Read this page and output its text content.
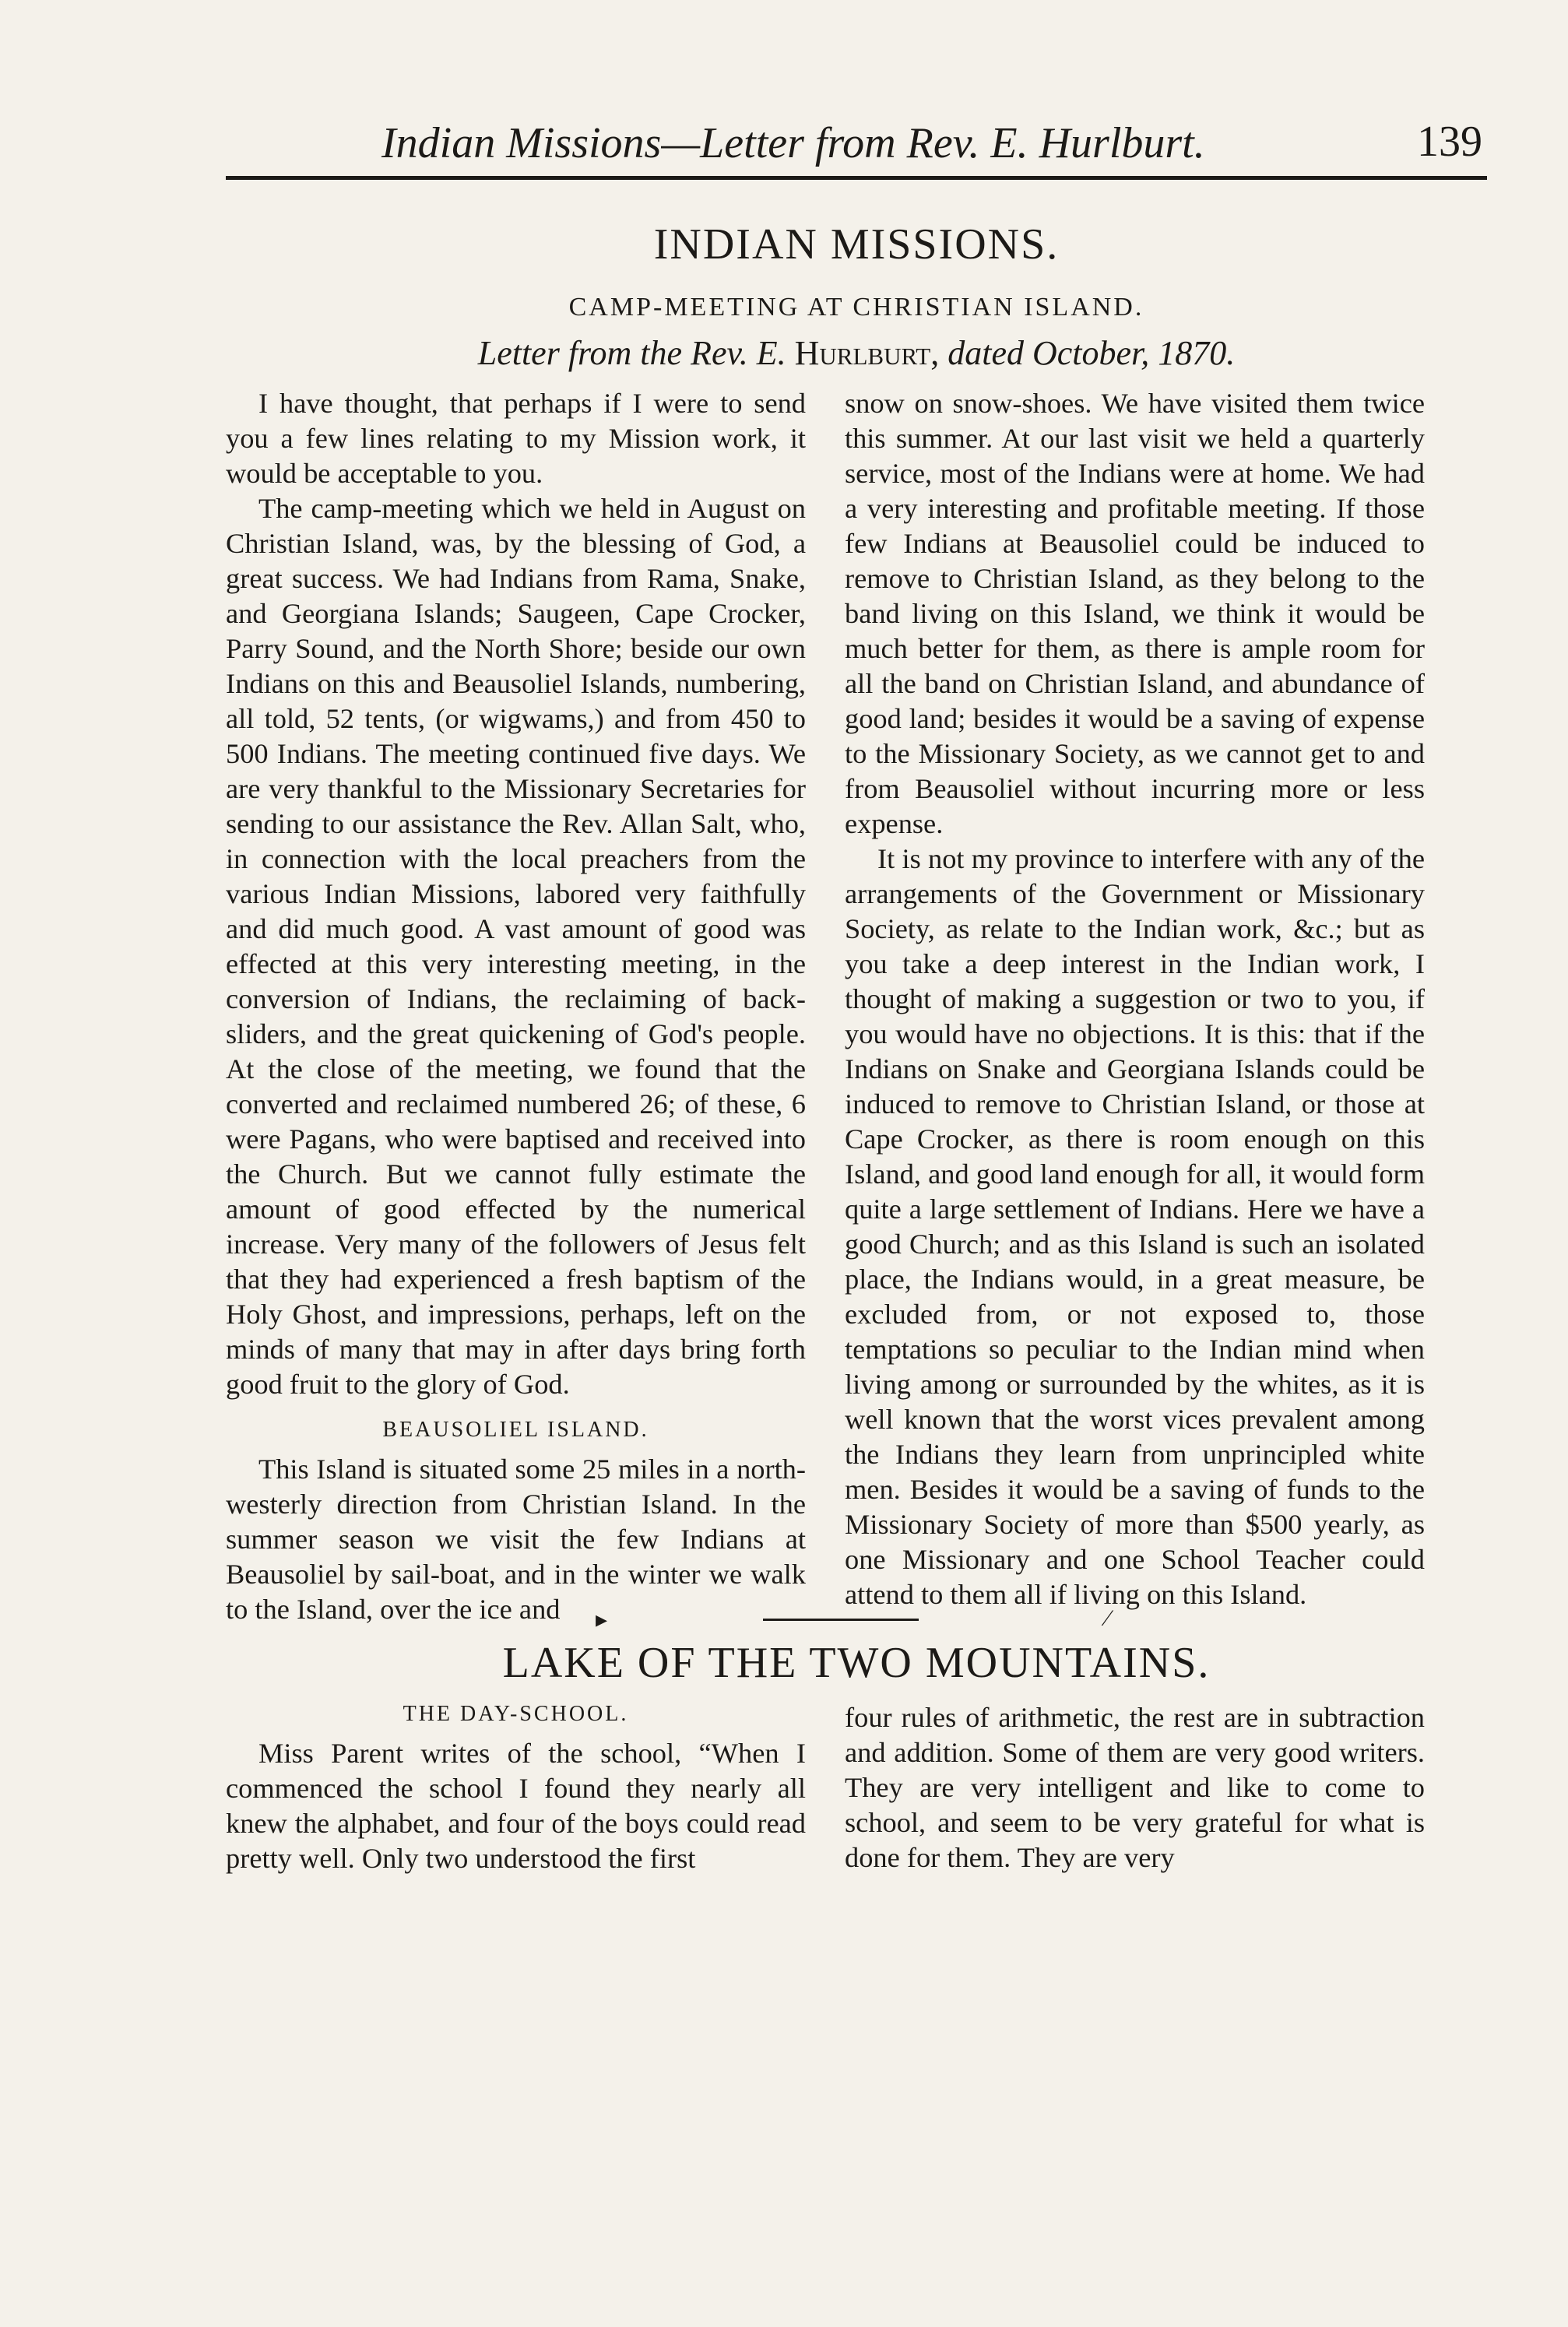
Indian Missions—Letter from Rev. E. Hurlburt.	139
INDIAN MISSIONS.
CAMP-MEETING AT CHRISTIAN ISLAND.
Letter from the Rev. E. Hurlburt, dated October, 1870.

I have thought, that perhaps if I were to send you a few lines relating to my Mission work, it would be acceptable to you.

The camp-meeting which we held in August on Christian Island, was, by the blessing of God, a great success. We had Indians from Rama, Snake, and Georgiana Islands; Saugeen, Cape Crocker, Parry Sound, and the North Shore; beside our own Indians on this and Beausoliel Islands, numbering, all told, 52 tents, (or wigwams,) and from 450 to 500 Indians. The meeting continued five days. We are very thankful to the Missionary Secretaries for sending to our assistance the Rev. Allan Salt, who, in connection with the local preachers from the various Indian Missions, labored very faithfully and did much good. A vast amount of good was effected at this very interesting meeting, in the conversion of Indians, the reclaiming of back-sliders, and the great quickening of God's people. At the close of the meeting, we found that the converted and reclaimed numbered 26; of these, 6 were Pagans, who were baptised and received into the Church. But we cannot fully estimate the amount of good effected by the numerical increase. Very many of the followers of Jesus felt that they had experienced a fresh baptism of the Holy Ghost, and impressions, perhaps, left on the minds of many that may in after days bring forth good fruit to the glory of God.

BEAUSOLIEL ISLAND.

This Island is situated some 25 miles in a north-westerly direction from Christian Island. In the summer season we visit the few Indians at Beausoliel by sail-boat, and in the winter we walk to the Island, over the ice and

snow on snow-shoes. We have visited them twice this summer. At our last visit we held a quarterly service, most of the Indians were at home. We had a very interesting and profitable meeting. If those few Indians at Beausoliel could be induced to remove to Christian Island, as they belong to the band living on this Island, we think it would be much better for them, as there is ample room for all the band on Christian Island, and abundance of good land; besides it would be a saving of expense to the Missionary Society, as we cannot get to and from Beausoliel without incurring more or less expense.

It is not my province to interfere with any of the arrangements of the Government or Missionary Society, as relate to the Indian work, &c.; but as you take a deep interest in the Indian work, I thought of making a suggestion or two to you, if you would have no objections. It is this: that if the Indians on Snake and Georgiana Islands could be induced to remove to Christian Island, or those at Cape Crocker, as there is room enough on this Island, and good land enough for all, it would form quite a large settlement of Indians. Here we have a good Church; and as this Island is such an isolated place, the Indians would, in a great measure, be excluded from, or not exposed to, those temptations so peculiar to the Indian mind when living among or surrounded by the whites, as it is well known that the worst vices prevalent among the Indians they learn from unprincipled white men. Besides it would be a saving of funds to the Missionary Society of more than $500 yearly, as one Missionary and one School Teacher could attend to them all if living on this Island.

▸	⁄
LAKE OF THE TWO MOUNTAINS.
THE DAY-SCHOOL.

Miss Parent writes of the school, “When I commenced the school I found they nearly all knew the alphabet, and four of the boys could read pretty well. Only two understood the first

four rules of arithmetic, the rest are in subtraction and addition. Some of them are very good writers. They are very intelligent and like to come to school, and seem to be very grateful for what is done for them. They are very
